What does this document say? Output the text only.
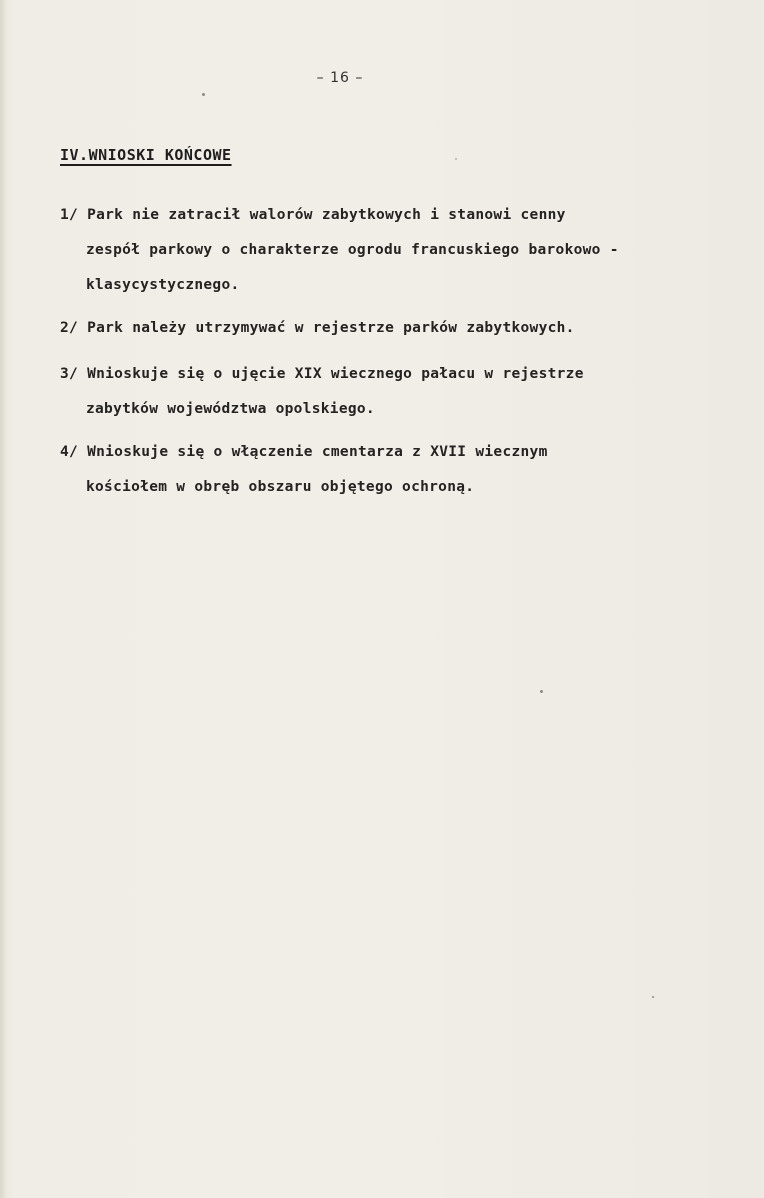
– 16 –
IV.WNIOSKI KOŃCOWE
1/ Park nie zatracił walorów zabytkowych i stanowi cenny
zespół parkowy o charakterze ogrodu francuskiego barokowo -
klasycystycznego.
2/ Park należy utrzymywać w rejestrze parków zabytkowych.
3/ Wnioskuje się o ujęcie XIX wiecznego pałacu w rejestrze
zabytków województwa opolskiego.
4/ Wnioskuje się o włączenie cmentarza z XVII wiecznym
kościołem w obręb obszaru objętego ochroną.
